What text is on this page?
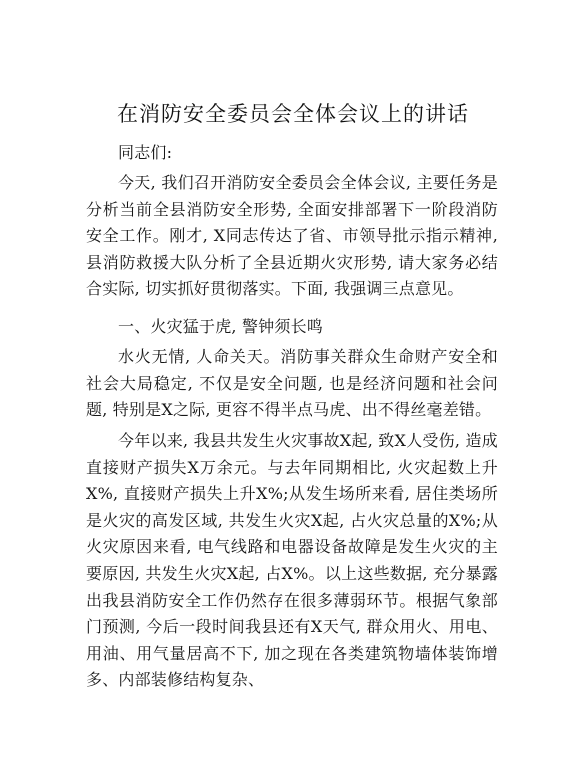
在消防安全委员会全体会议上的讲话
同志们:

今天, 我们召开消防安全委员会全体会议, 主要任务是分析当前全县消防安全形势, 全面安排部署下一阶段消防安全工作。刚才, X同志传达了省、市领导批示指示精神, 县消防救援大队分析了全县近期火灾形势, 请大家务必结合实际, 切实抓好贯彻落实。下面, 我强调三点意见。

一、火灾猛于虎, 警钟须长鸣

水火无情, 人命关天。消防事关群众生命财产安全和社会大局稳定, 不仅是安全问题, 也是经济问题和社会问题, 特别是X之际, 更容不得半点马虎、出不得丝毫差错。

今年以来, 我县共发生火灾事故X起, 致X人受伤, 造成直接财产损失X万余元。与去年同期相比, 火灾起数上升X%, 直接财产损失上升X%;从发生场所来看, 居住类场所是火灾的高发区域, 共发生火灾X起, 占火灾总量的X%;从火灾原因来看, 电气线路和电器设备故障是发生火灾的主要原因, 共发生火灾X起, 占X%。以上这些数据, 充分暴露出我县消防安全工作仍然存在很多薄弱环节。根据气象部门预测, 今后一段时间我县还有X天气, 群众用火、用电、用油、用气量居高不下, 加之现在各类建筑物墙体装饰增多、内部装修结构复杂、
